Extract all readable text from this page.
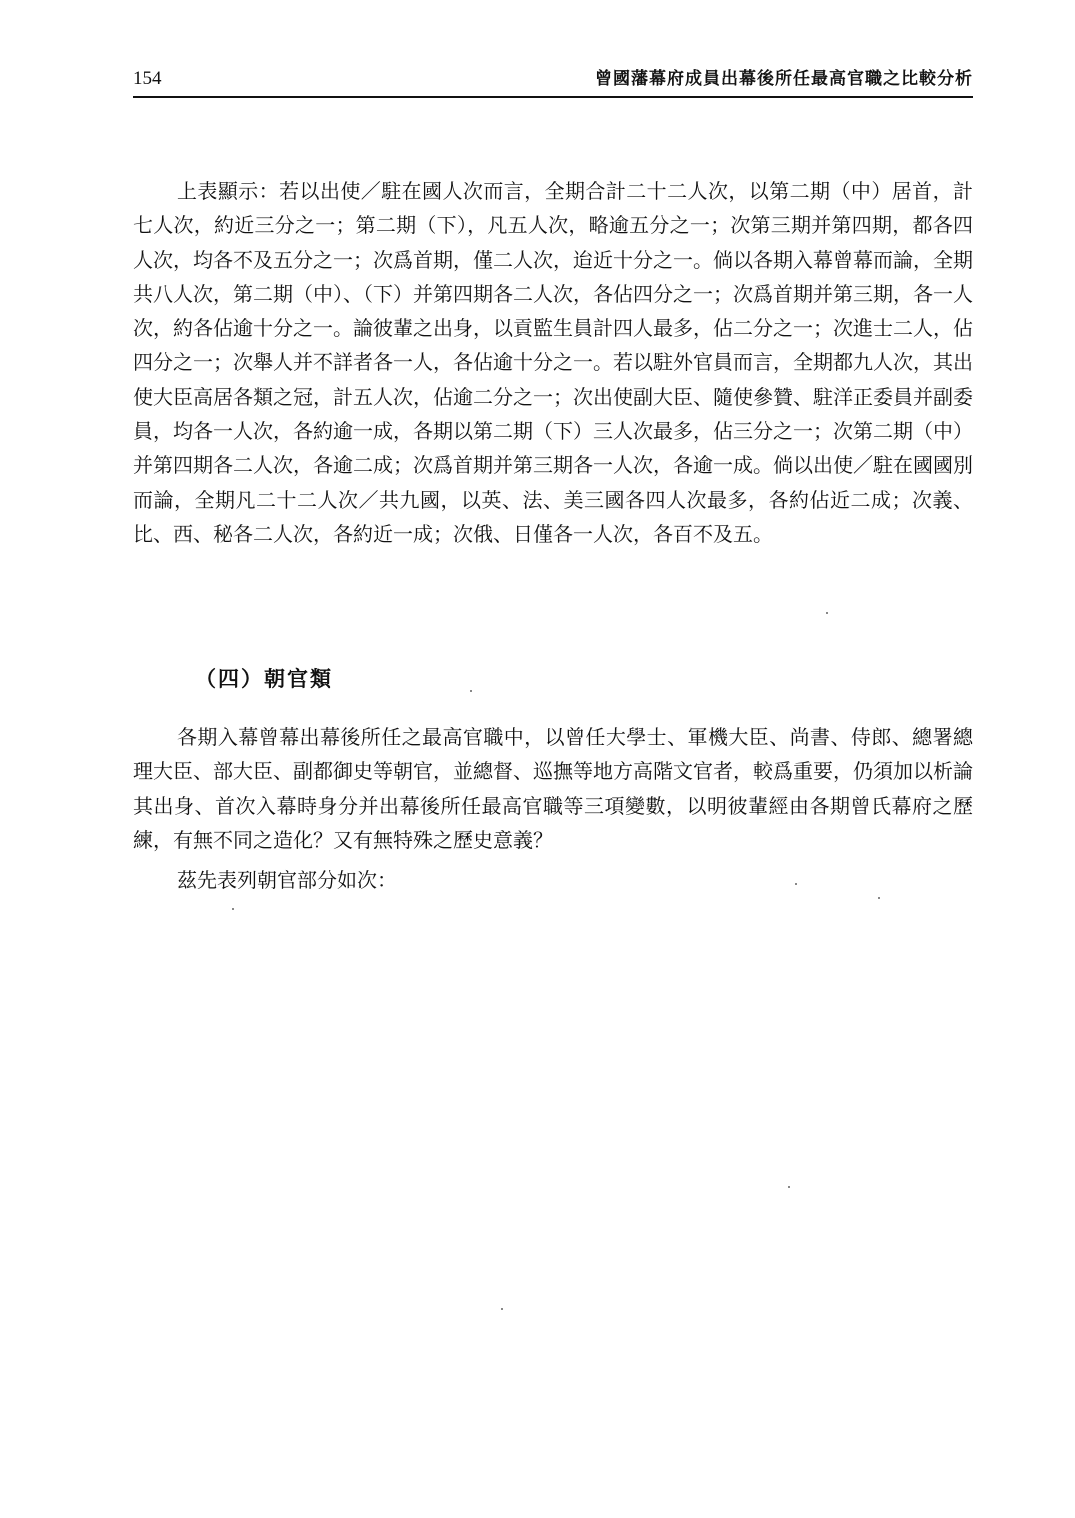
154	曾國藩幕府成員出幕後所任最高官職之比較分析

上表顯示：若以出使／駐在國人次而言，全期合計二十二人次，以第二期（中）居首，計七人次，約近三分之一；第二期（下），凡五人次，略逾五分之一；次第三期并第四期，都各四人次，均各不及五分之一；次爲首期，僅二人次，迨近十分之一。倘以各期入幕曾幕而論，全期共八人次，第二期（中）、（下）并第四期各二人次，各佔四分之一；次爲首期并第三期，各一人次，約各佔逾十分之一。論彼輩之出身，以貢監生員計四人最多，佔二分之一；次進士二人，佔四分之一；次舉人并不詳者各一人，各佔逾十分之一。若以駐外官員而言，全期都九人次，其出使大臣高居各類之冠，計五人次，佔逾二分之一；次出使副大臣、隨使參贊、駐洋正委員并副委員，均各一人次，各約逾一成，各期以第二期（下）三人次最多，佔三分之一；次第二期（中）并第四期各二人次，各逾二成；次爲首期并第三期各一人次，各逾一成。倘以出使／駐在國國別而論，全期凡二十二人次／共九國，以英、法、美三國各四人次最多，各約佔近二成；次義、比、西、秘各二人次，各約近一成；次俄、日僅各一人次，各百不及五。

（四）朝官類

各期入幕曾幕出幕後所任之最高官職中，以曾任大學士、軍機大臣、尚書、侍郎、總署總理大臣、部大臣、副都御史等朝官，並總督、巡撫等地方高階文官者，較爲重要，仍須加以析論其出身、首次入幕時身分并出幕後所任最高官職等三項變數，以明彼輩經由各期曾氏幕府之歷練，有無不同之造化？又有無特殊之歷史意義？

茲先表列朝官部分如次：
